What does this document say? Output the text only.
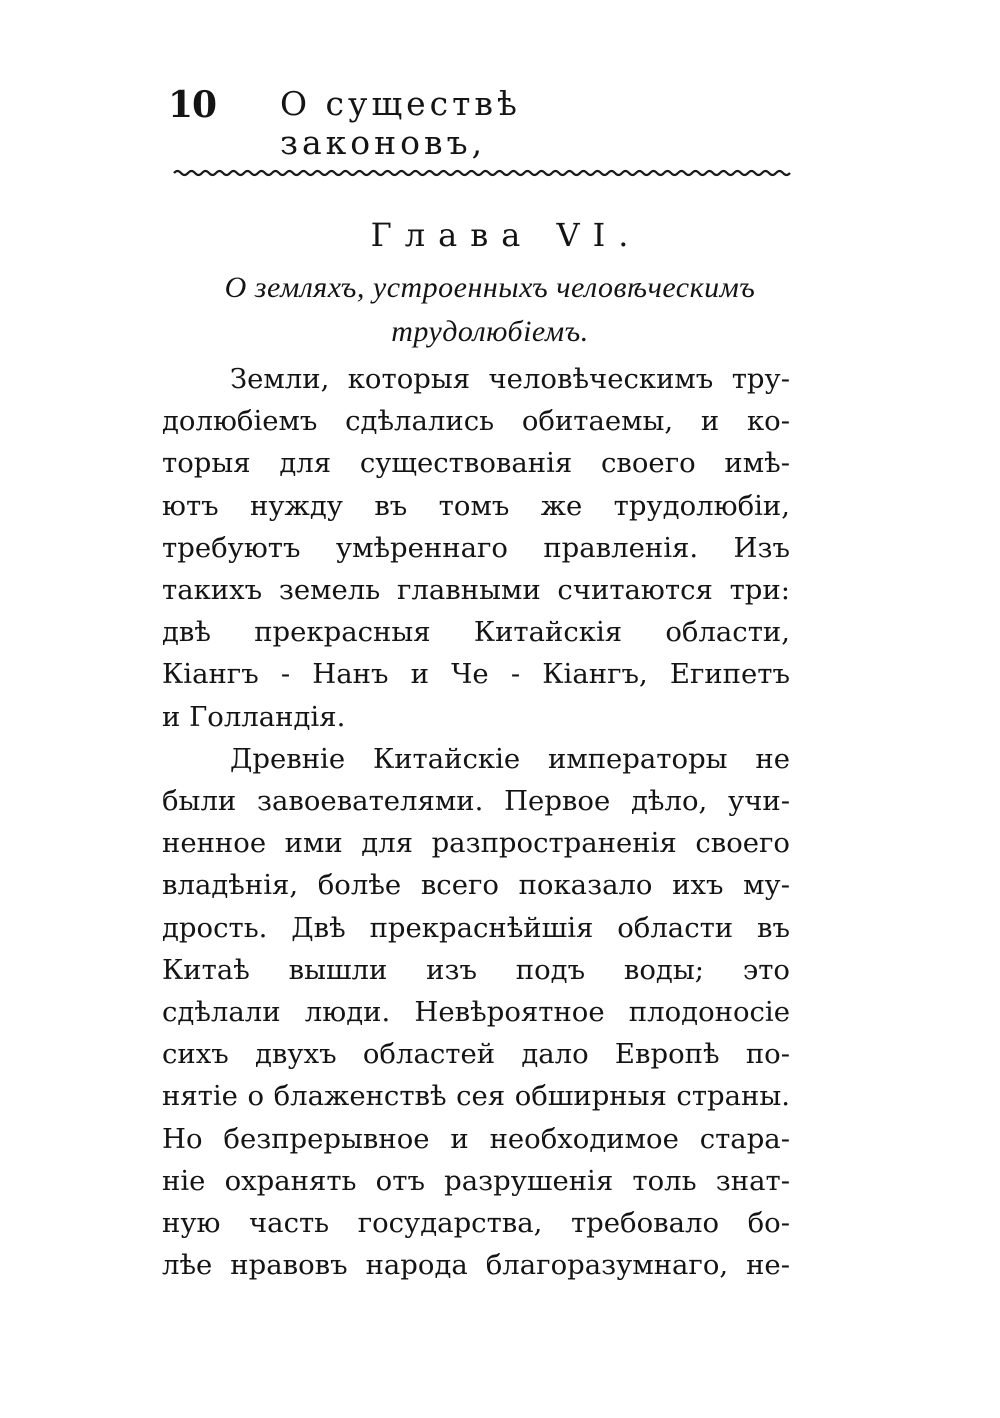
10 О существѣ законовъ,
Глава VI.
О земляхъ, устроенныхъ человѣческимъ
трудолюбіемъ.
Земли, которыя человѣческимъ тру-
долюбіемъ сдѣлались обитаемы, и ко-
торыя для существованія своего имѣ-
ютъ нужду въ томъ же трудолюбіи,
требуютъ умѣреннаго правленія. Изъ
такихъ земель главными считаются три:
двѣ прекрасныя Китайскія области,
Кіангъ - Нанъ и Че - Кіангъ, Египетъ
и Голландія.
Древніе Китайскіе императоры не
были завоевателями. Первое дѣло, учи-
ненное ими для разпространенія своего
владѣнія, болѣе всего показало ихъ му-
дрость. Двѣ прекраснѣйшія области въ
Китаѣ вышли изъ подъ воды; это
сдѣлали люди. Невѣроятное плодоносіе
сихъ двухъ областей дало Европѣ по-
нятіе о блаженствѣ сея обширныя страны.
Но безпрерывное и необходимое стара-
ніе охранять отъ разрушенія толь знат-
ную часть государства, требовало бо-
лѣе нравовъ народа благоразумнаго, не-
